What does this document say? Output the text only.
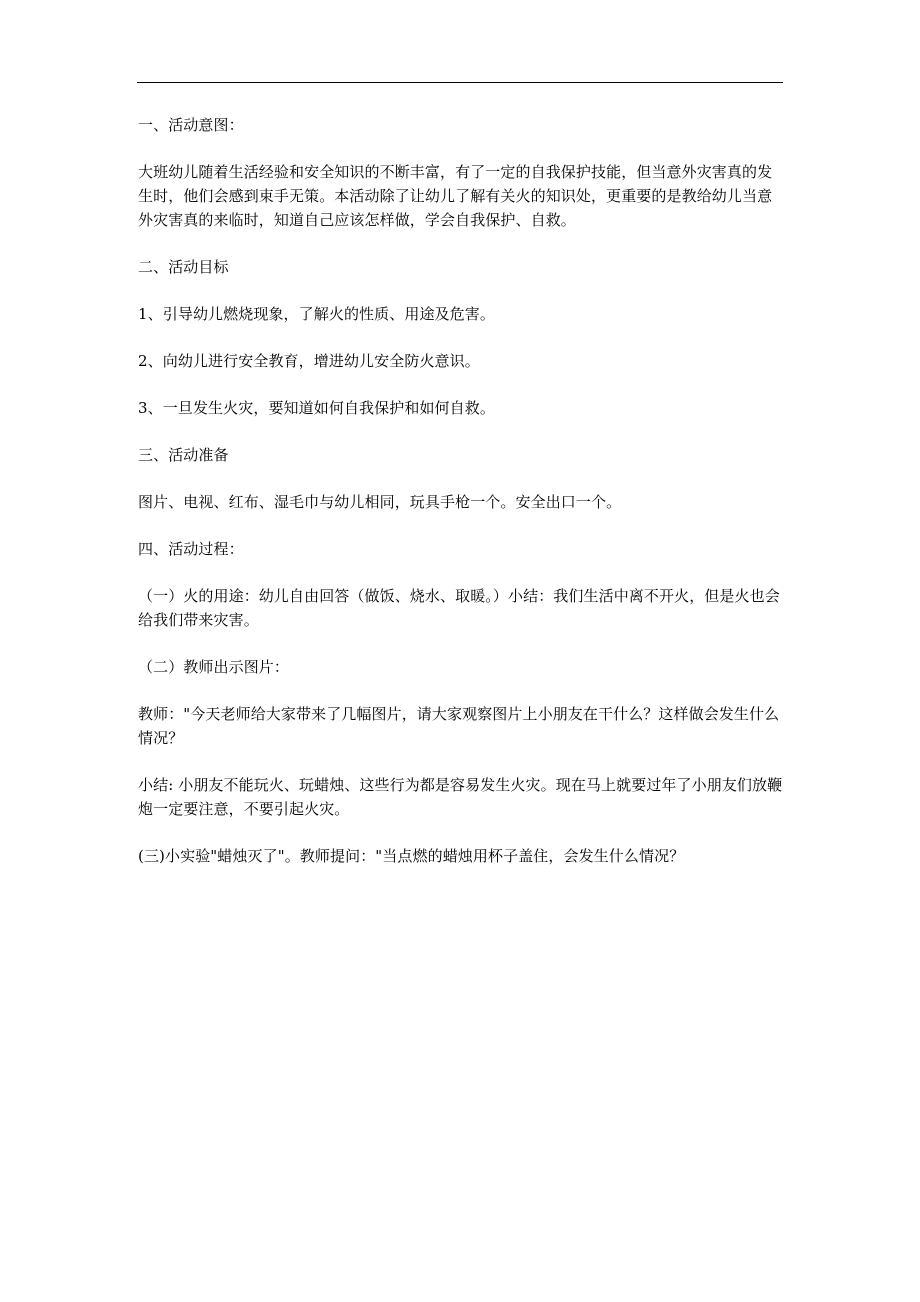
一、活动意图：

大班幼儿随着生活经验和安全知识的不断丰富，有了一定的自我保护技能，但当意外灾害真的发生时，他们会感到束手无策。本活动除了让幼儿了解有关火的知识处，更重要的是教给幼儿当意外灾害真的来临时，知道自己应该怎样做，学会自我保护、自救。

二、活动目标

1、引导幼儿燃烧现象，了解火的性质、用途及危害。

2、向幼儿进行安全教育，增进幼儿安全防火意识。

3、一旦发生火灾，要知道如何自我保护和如何自救。

三、活动准备

图片、电视、红布、湿毛巾与幼儿相同，玩具手枪一个。安全出口一个。

四、活动过程：

（一）火的用途：幼儿自由回答（做饭、烧水、取暖。）小结：我们生活中离不开火，但是火也会给我们带来灾害。

（二）教师出示图片：

教师："今天老师给大家带来了几幅图片，请大家观察图片上小朋友在干什么？这样做会发生什么情况？

小结: 小朋友不能玩火、玩蜡烛、这些行为都是容易发生火灾。现在马上就要过年了小朋友们放鞭炮一定要注意，不要引起火灾。

(三)小实验"蜡烛灭了"。教师提问："当点燃的蜡烛用杯子盖住，会发生什么情况？
